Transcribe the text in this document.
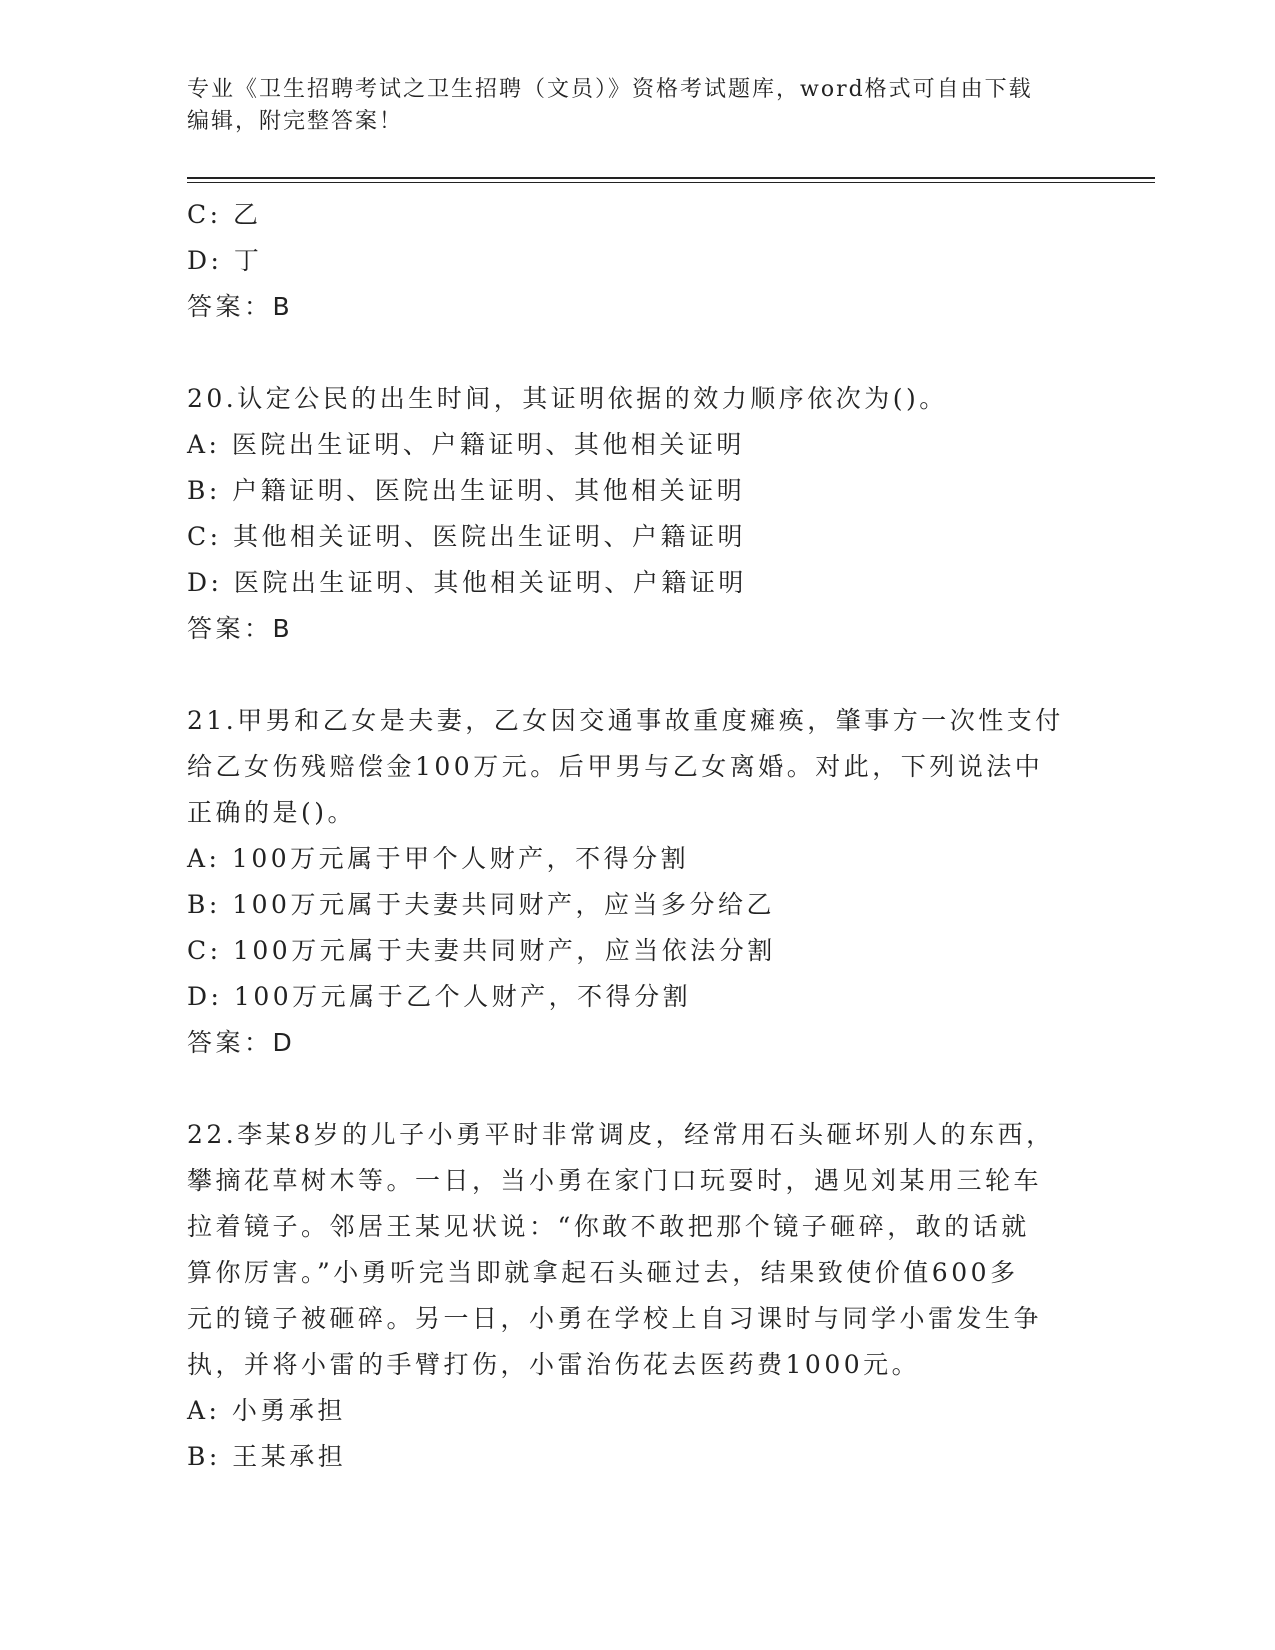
专业《卫生招聘考试之卫生招聘（文员）》资格考试题库，word格式可自由下载
编辑，附完整答案！
C: 乙
D: 丁
答案：B
20.认定公民的出生时间，其证明依据的效力顺序依次为()。
A: 医院出生证明、户籍证明、其他相关证明
B: 户籍证明、医院出生证明、其他相关证明
C: 其他相关证明、医院出生证明、户籍证明
D: 医院出生证明、其他相关证明、户籍证明
答案：B
21.甲男和乙女是夫妻，乙女因交通事故重度瘫痪，肇事方一次性支付
给乙女伤残赔偿金100万元。后甲男与乙女离婚。对此，下列说法中
正确的是()。
A: 100万元属于甲个人财产，不得分割
B: 100万元属于夫妻共同财产，应当多分给乙
C: 100万元属于夫妻共同财产，应当依法分割
D: 100万元属于乙个人财产，不得分割
答案：D
22.李某8岁的儿子小勇平时非常调皮，经常用石头砸坏别人的东西，
攀摘花草树木等。一日，当小勇在家门口玩耍时，遇见刘某用三轮车
拉着镜子。邻居王某见状说：“你敢不敢把那个镜子砸碎，敢的话就
算你厉害。”小勇听完当即就拿起石头砸过去，结果致使价值600多
元的镜子被砸碎。另一日，小勇在学校上自习课时与同学小雷发生争
执，并将小雷的手臂打伤，小雷治伤花去医药费1000元。
A: 小勇承担
B: 王某承担
